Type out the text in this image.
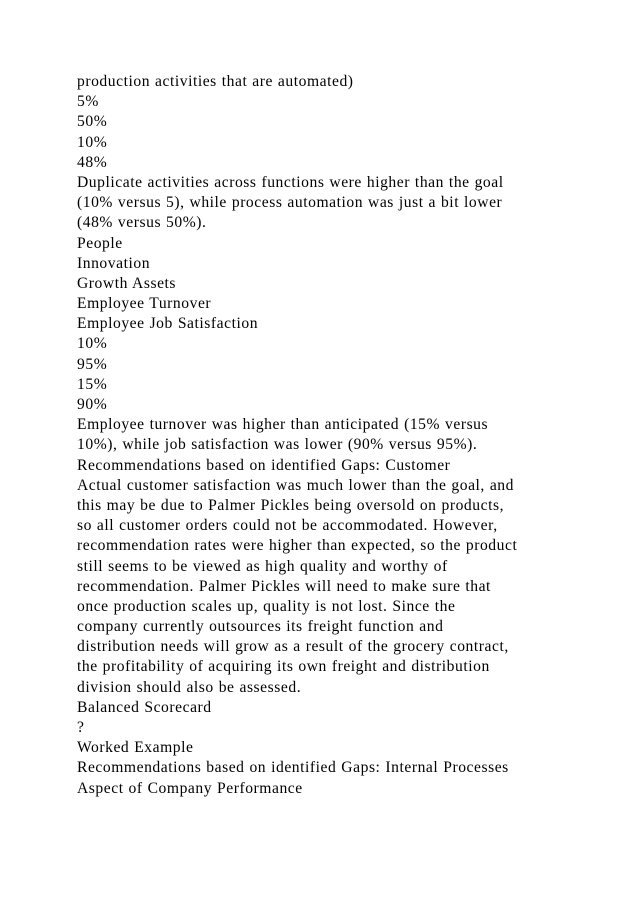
production activities that are automated)
5%
50%
10%
48%
Duplicate activities across functions were higher than the goal
(10% versus 5), while process automation was just a bit lower
(48% versus 50%).
People
Innovation
Growth Assets
Employee Turnover
Employee Job Satisfaction
10%
95%
15%
90%
Employee turnover was higher than anticipated (15% versus
10%), while job satisfaction was lower (90% versus 95%).
Recommendations based on identified Gaps: Customer
Actual customer satisfaction was much lower than the goal, and
this may be due to Palmer Pickles being oversold on products,
so all customer orders could not be accommodated. However,
recommendation rates were higher than expected, so the product
still seems to be viewed as high quality and worthy of
recommendation. Palmer Pickles will need to make sure that
once production scales up, quality is not lost. Since the
company currently outsources its freight function and
distribution needs will grow as a result of the grocery contract,
the profitability of acquiring its own freight and distribution
division should also be assessed.
Balanced Scorecard
?
Worked Example
Recommendations based on identified Gaps: Internal Processes
Aspect of Company Performance
